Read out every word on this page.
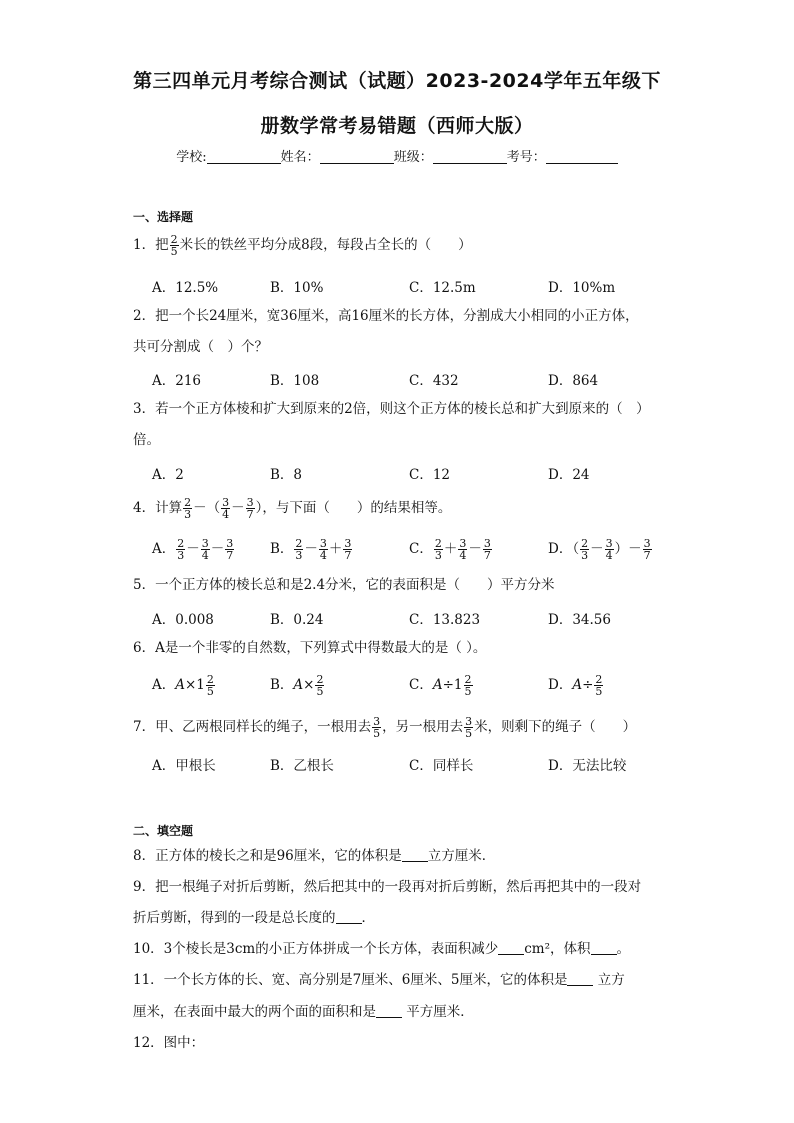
第三四单元月考综合测试（试题）2023-2024学年五年级下
册数学常考易错题（西师大版）
学校:	姓名：	班级：	考号：
一、选择题
1．把 $\frac{2}{5}$ 米长的铁丝平均分成8段，每段占全长的（　　）
A．12.5%	B．10%	C．12.5m	D．10%m
2．把一个长24厘米，宽36厘米，高16厘米的长方体，分割成大小相同的小正方体，
共可分割成（　）个？
A．216	B．108	C．432	D．864
3．若一个正方体棱和扩大到原来的2倍，则这个正方体的棱长总和扩大到原来的（　）
倍。
A．2	B．8	C．12	D．24
4．计算 $\frac{2}{3}$ －（ $\frac{3}{4} - \frac{3}{7}$ ），与下面（　　）的结果相等。
A． $\frac{2}{3} - \frac{3}{4} - \frac{3}{7}$	B． $\frac{2}{3} - \frac{3}{4} + \frac{3}{7}$	C． $\frac{2}{3} + \frac{3}{4} - \frac{3}{7}$	D．（ $\frac{2}{3} - \frac{3}{4}$ ）－ $\frac{3}{7}$
5．一个正方体的棱长总和是2.4分米，它的表面积是（　　）平方分米
A．0.008	B．0.24	C．13.823	D．34.56
6．A是一个非零的自然数，下列算式中得数最大的是（ ）。
A．$A\times 1 \frac{2}{5}$	B．$A\times \frac{2}{5}$	C．$A\div 1 \frac{2}{5}$	D．$A\div \frac{2}{5}$
7．甲、乙两根同样长的绳子，一根用去 $\frac{3}{5}$ ，另一根用去 $\frac{3}{5}$ 米，则剩下的绳子（　　）
A．甲根长	B．乙根长	C．同样长	D．无法比较
二、填空题
8．正方体的棱长之和是96厘米，它的体积是 立方厘米．
9．把一根绳子对折后剪断，然后把其中的一段再对折后剪断，然后再把其中的一段对
折后剪断，得到的一段是总长度的 ．
10．3个棱长是3cm的小正方体拼成一个长方体，表面积减少 cm²，体积 。
11．一个长方体的长、宽、高分别是7厘米、6厘米、5厘米，它的体积是 立方
厘米，在表面中最大的两个面的面积和是 平方厘米．
12．图中：
